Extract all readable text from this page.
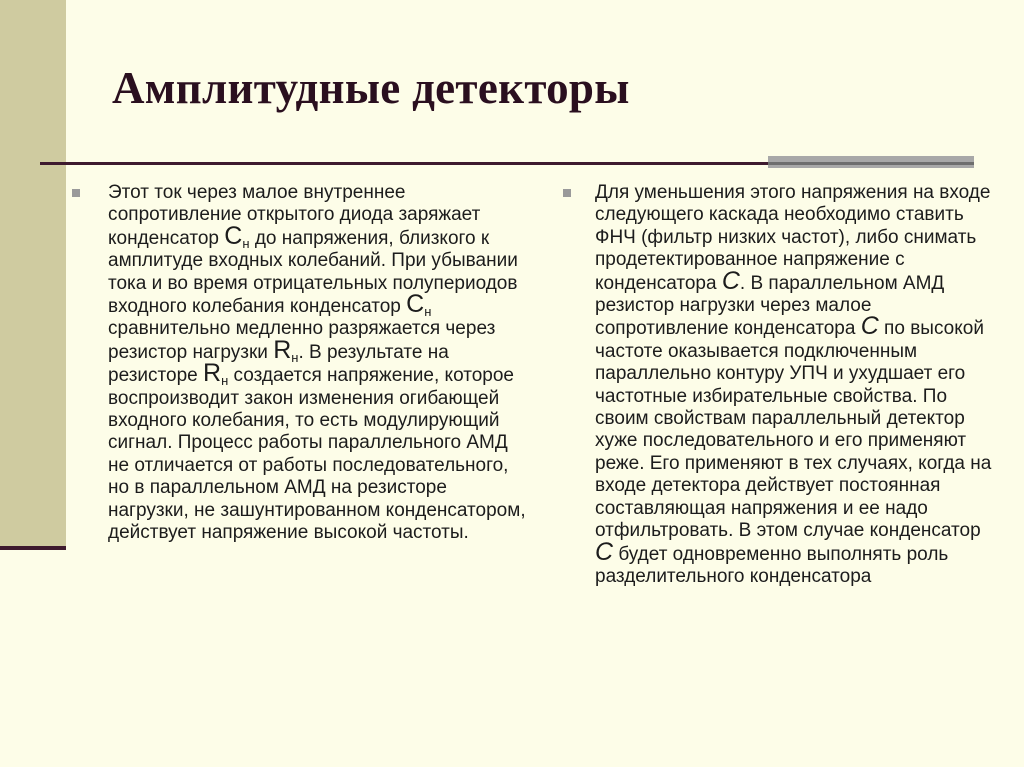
Амплитудные детекторы

Этот ток через малое внутреннее сопротивление открытого диода заряжает конденсатор $C_н$ до напряжения, близкого к амплитуде входных колебаний. При убывании тока и во время отрицательных полупериодов входного колебания конденсатор $C_н$ сравнительно медленно разряжается через резистор нагрузки $R_н$. В результате на резисторе $R_н$ создается напряжение, которое воспроизводит закон изменения огибающей входного колебания, то есть модулирующий сигнал. Процесс работы параллельного АМД не отличается от работы последовательного, но в параллельном АМД на резисторе нагрузки, не зашунтированном конденсатором, действует напряжение высокой частоты.

Для уменьшения этого напряжения на входе следующего каскада необходимо ставить ФНЧ (фильтр низких частот), либо снимать продетектированное напряжение с конденсатора C. В параллельном АМД резистор нагрузки через малое сопротивление конденсатора C по высокой частоте оказывается подключенным параллельно контуру УПЧ и ухудшает его частотные избирательные свойства. По своим свойствам параллельный детектор хуже последовательного и его применяют реже. Его применяют в тех случаях, когда на входе детектора действует постоянная составляющая напряжения и ее надо отфильтровать. В этом случае конденсатор C будет одновременно выполнять роль разделительного конденсатора
